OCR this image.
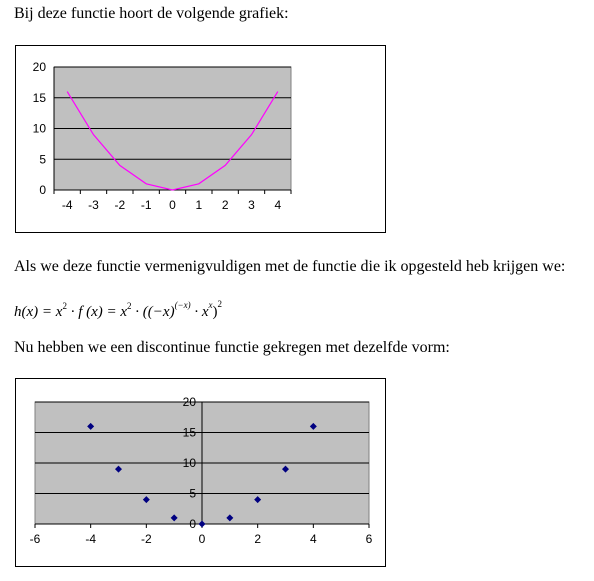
Bij deze functie hoort de volgende grafiek:

0
5
10
15
20
-4 -3 -2 -1 0 1 2 3 4

Als we deze functie vermenigvuldigen met de functie die ik opgesteld heb krijgen we:

$h(x) = x^2 \cdot f$ $(x) = x^2 \cdot ((-x)^{(-x)} \cdot x^x)^2$

Nu hebben we een discontinue functie gekregen met dezelfde vorm:

0
5
10
15
20
-6	-4	-2	0	2	4	6
